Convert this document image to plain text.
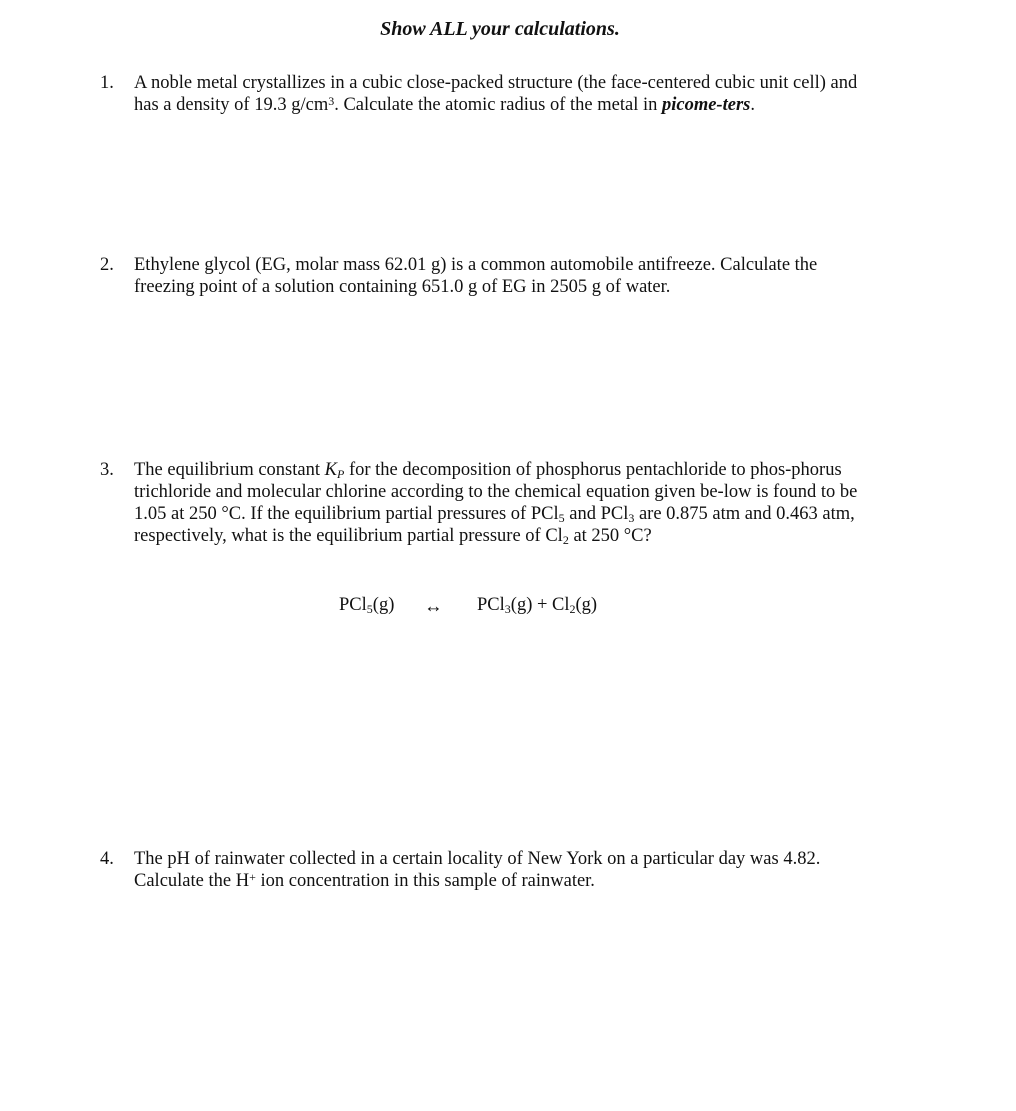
Show ALL your calculations.
1. A noble metal crystallizes in a cubic close-packed structure (the face-centered cubic unit cell) and has a density of 19.3 $g/cm^3$. Calculate the atomic radius of the metal in picome-ters.

2. Ethylene glycol (EG, molar mass 62.01 g) is a common automobile antifreeze. Calculate the freezing point of a solution containing 651.0 g of EG in 2505 g of water.

3. The equilibrium constant $K_P$ for the decomposition of phosphorus pentachloride to phos-phorus trichloride and molecular chlorine according to the chemical equation given be-low is found to be 1.05 at 250 °C. If the equilibrium partial pressures of PCl$_5$ and PCl$_3$ are 0.875 atm and 0.463 atm, respectively, what is the equilibrium partial pressure of $Cl_2$ at 250 °C?

PCl$_5$(g) ↔ $PCl_3(g) + Cl_2(g)$
4. The pH of rainwater collected in a certain locality of New York on a particular day was 4.82. Calculate the H+ ion concentration in this sample of rainwater.
